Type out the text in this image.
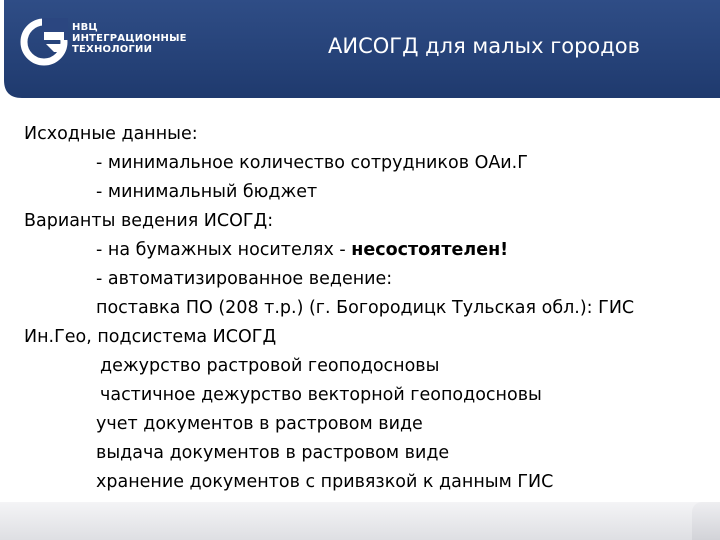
НВЦ
ИНТЕГРАЦИОННЫЕ
ТЕХНОЛОГИИ	АИСОГД для малых городов
Исходные данные:
- минимальное количество сотрудников ОАи.Г
- минимальный бюджет
Варианты ведения ИСОГД:
- на бумажных носителях - несостоятелен!
- автоматизированное ведение:
поставка ПО (208 т.р.) (г. Богородицк Тульская обл.): ГИС
Ин.Гео, подсистема ИСОГД
дежурство растровой геоподосновы
частичное дежурство векторной геоподосновы
учет документов в растровом виде
выдача документов в растровом виде
хранение документов с привязкой к данным ГИС
